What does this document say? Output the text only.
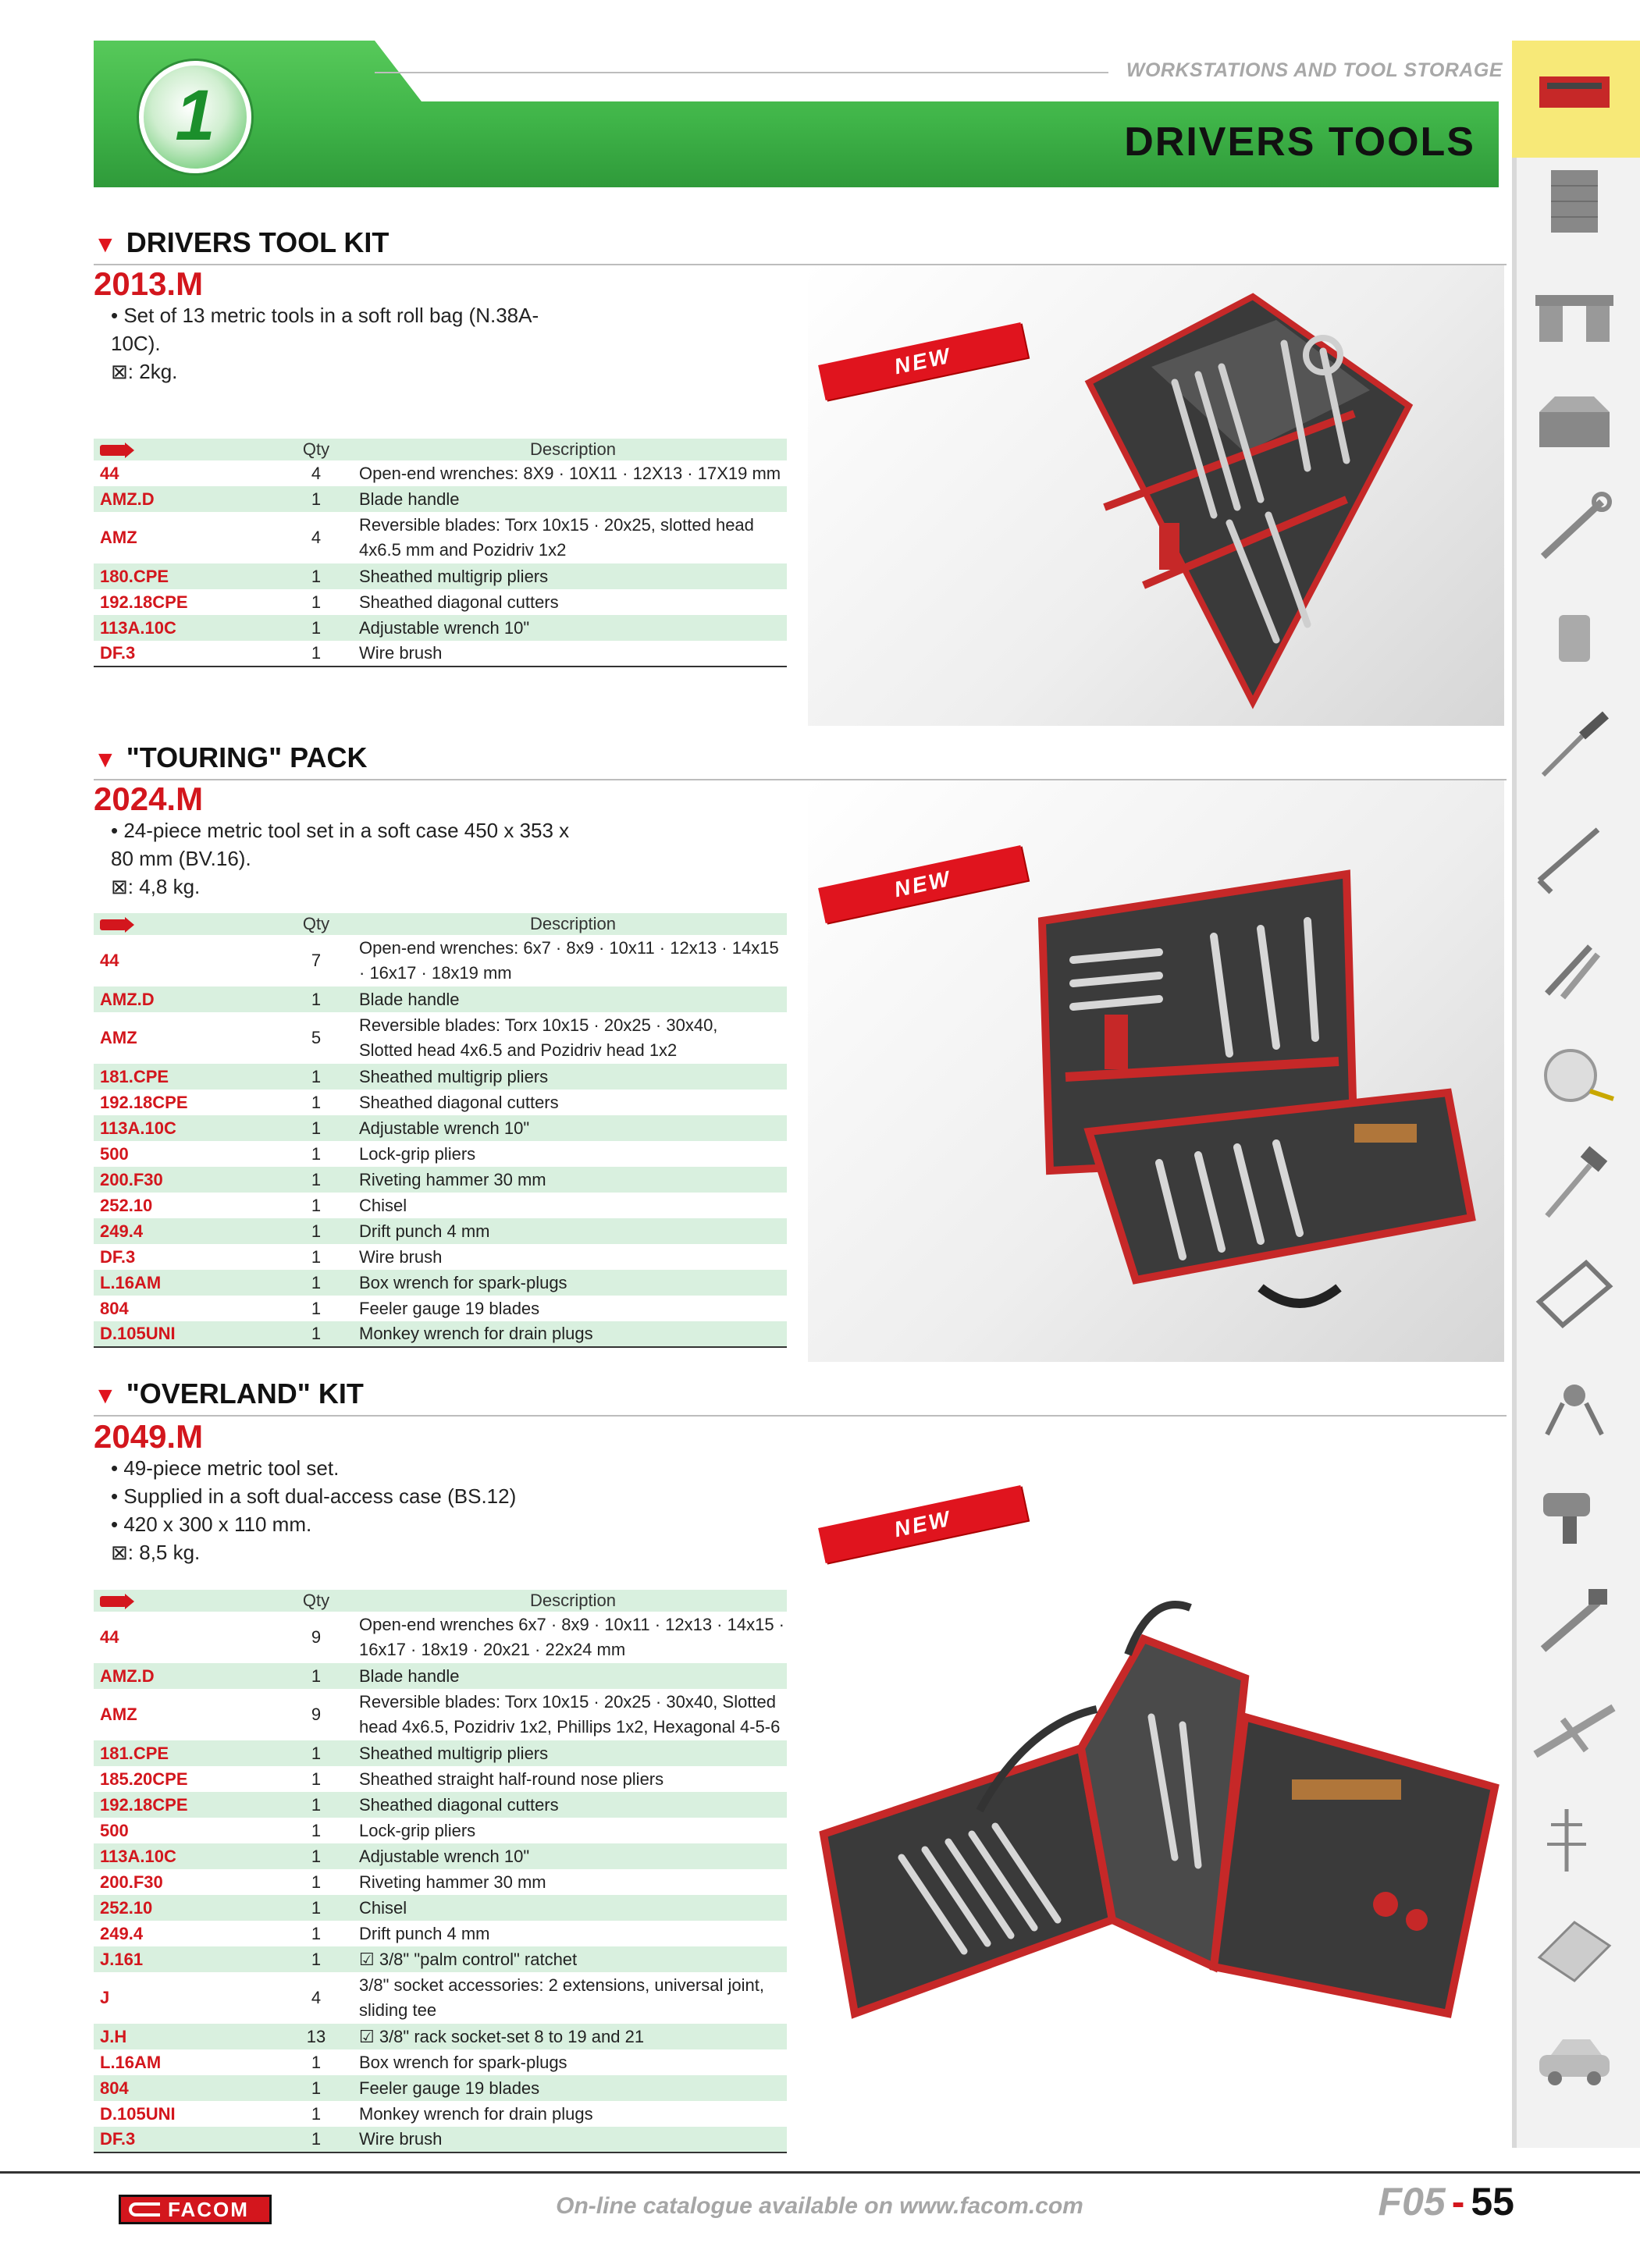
WORKSTATIONS AND TOOL STORAGE
DRIVERS TOOLS
1
▼ DRIVERS TOOL KIT
2013.M
• Set of 13 metric tools in a soft roll bag (N.38A-
10C).
⊠: 2kg.
	Qty	Description
44	4	Open-end wrenches: 8X9 · 10X11 · 12X13 · 17X19 mm

AMZ.D	1	Blade handle

AMZ	4	Reversible blades: Torx 10x15 · 20x25, slotted head
4x6.5 mm and Pozidriv 1x2

180.CPE	1	Sheathed multigrip pliers

192.18CPE	1	Sheathed diagonal cutters

113A.10C	1	Adjustable wrench 10"

DF.3	1	Wire brush
NEW
▼ "TOURING" PACK
2024.M
• 24-piece metric tool set in a soft case 450 x 353 x
80 mm (BV.16).
⊠: 4,8 kg.
	Qty	Description
44	7	Open-end wrenches: 6x7 · 8x9 · 10x11 · 12x13 · 14x15
· 16x17 · 18x19 mm

AMZ.D	1	Blade handle

AMZ	5	Reversible blades: Torx 10x15 · 20x25 · 30x40,
Slotted head 4x6.5 and Pozidriv head 1x2

181.CPE	1	Sheathed multigrip pliers

192.18CPE	1	Sheathed diagonal cutters

113A.10C	1	Adjustable wrench 10"

500	1	Lock-grip pliers

200.F30	1	Riveting hammer 30 mm

252.10	1	Chisel

249.4	1	Drift punch 4 mm

DF.3	1	Wire brush

L.16AM	1	Box wrench for spark-plugs

804	1	Feeler gauge 19 blades

D.105UNI	1	Monkey wrench for drain plugs
NEW
▼ "OVERLAND" KIT
2049.M
• 49-piece metric tool set.
• Supplied in a soft dual-access case (BS.12)
• 420 x 300 x 110 mm.
⊠: 8,5 kg.
	Qty	Description
44	9	Open-end wrenches 6x7 · 8x9 · 10x11 · 12x13 · 14x15 ·
16x17 · 18x19 · 20x21 · 22x24 mm

AMZ.D	1	Blade handle

AMZ	9	Reversible blades: Torx 10x15 · 20x25 · 30x40, Slotted
head 4x6.5, Pozidriv 1x2, Phillips 1x2, Hexagonal 4-5-6

181.CPE	1	Sheathed multigrip pliers

185.20CPE	1	Sheathed straight half-round nose pliers

192.18CPE	1	Sheathed diagonal cutters

500	1	Lock-grip pliers

113A.10C	1	Adjustable wrench 10"

200.F30	1	Riveting hammer 30 mm

252.10	1	Chisel

249.4	1	Drift punch 4 mm

J.161	1	☑ 3/8" "palm control" ratchet

J	4	3/8" socket accessories: 2 extensions, universal joint,
sliding tee

J.H	13	☑ 3/8" rack socket-set 8 to 19 and 21

L.16AM	1	Box wrench for spark-plugs

804	1	Feeler gauge 19 blades

D.105UNI	1	Monkey wrench for drain plugs

DF.3	1	Wire brush
NEW
FACOM	On-line catalogue available on www.facom.com	F05 - 55
